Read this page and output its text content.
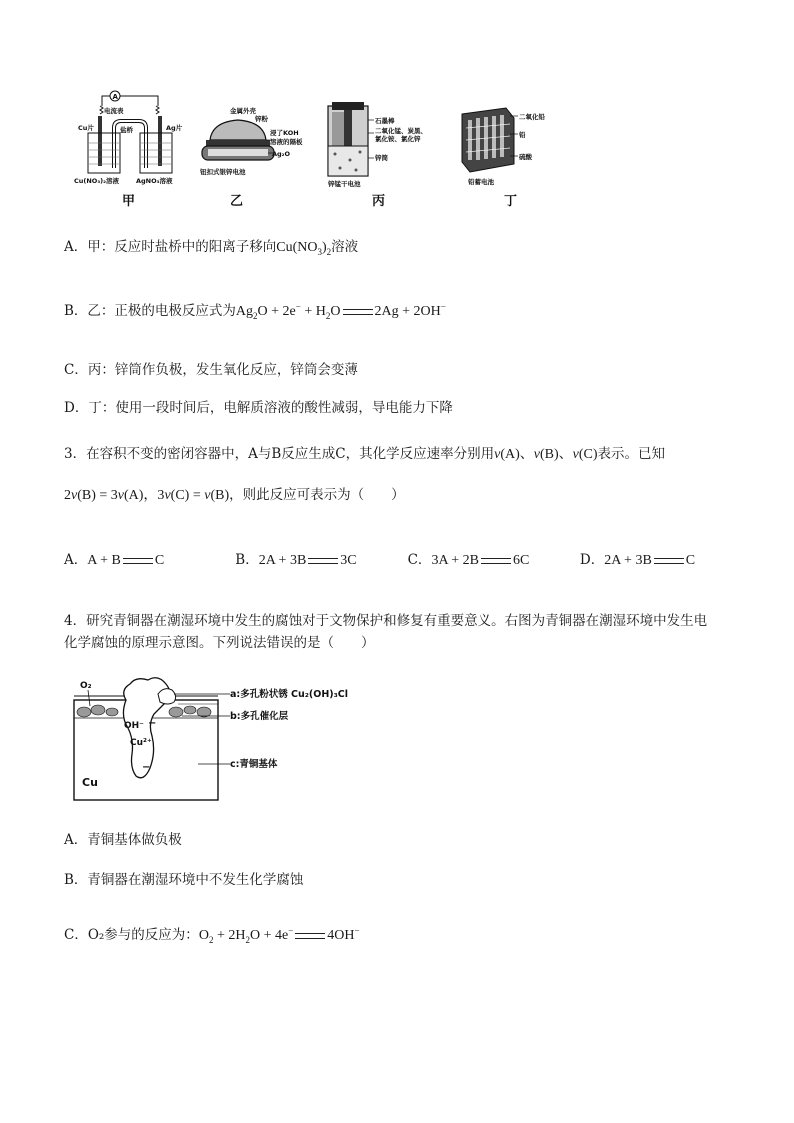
A
电流表
Cu片	盐桥	Ag片
Cu(NO₃)₂溶液	AgNO₃溶液
甲
金属外壳
锌粉
浸了KOH
溶液的隔板
Ag₂O
钮扣式银锌电池
乙
石墨棒
二氧化锰、炭黑、
氯化铵、氯化锌
锌筒
锌锰干电池
丙
二氧化铅
铅
硫酸
铅蓄电池
丁
A．甲：反应时盐桥中的阳离子移向$Cu(NO_3)_2$溶液
B．乙：正极的电极反应式为$Ag_2O + 2e^- + H_2O$ 2Ag + 2OH−
C．丙：锌筒作负极，发生氧化反应，锌筒会变薄
D．丁：使用一段时间后，电解质溶液的酸性减弱，导电能力下降
3．在容积不变的密闭容器中，A与B反应生成C，其化学反应速率分别用v(A)、v(B)、v(C)表示。已知
2v(B) = 3v(A)，3v(C) = v(B)，则此反应可表示为（　　）
A．A + B C	B．2A + 3B 3C	C．3A + 2B 6C	D．2A + 3B C
4．研究青铜器在潮湿环境中发生的腐蚀对于文物保护和修复有重要意义。右图为青铜器在潮湿环境中发生电
化学腐蚀的原理示意图。下列说法错误的是（　　）
O₂
OH⁻
Cu²⁺
−
−
Cu
a:多孔粉状锈 Cu₂(OH)₃Cl
b:多孔催化层
c:青铜基体
A．青铜基体做负极
B．青铜器在潮湿环境中不发生化学腐蚀
C．O₂参与的反应为：$O_2 + 2H_2O + 4e^-$ 4OH−
